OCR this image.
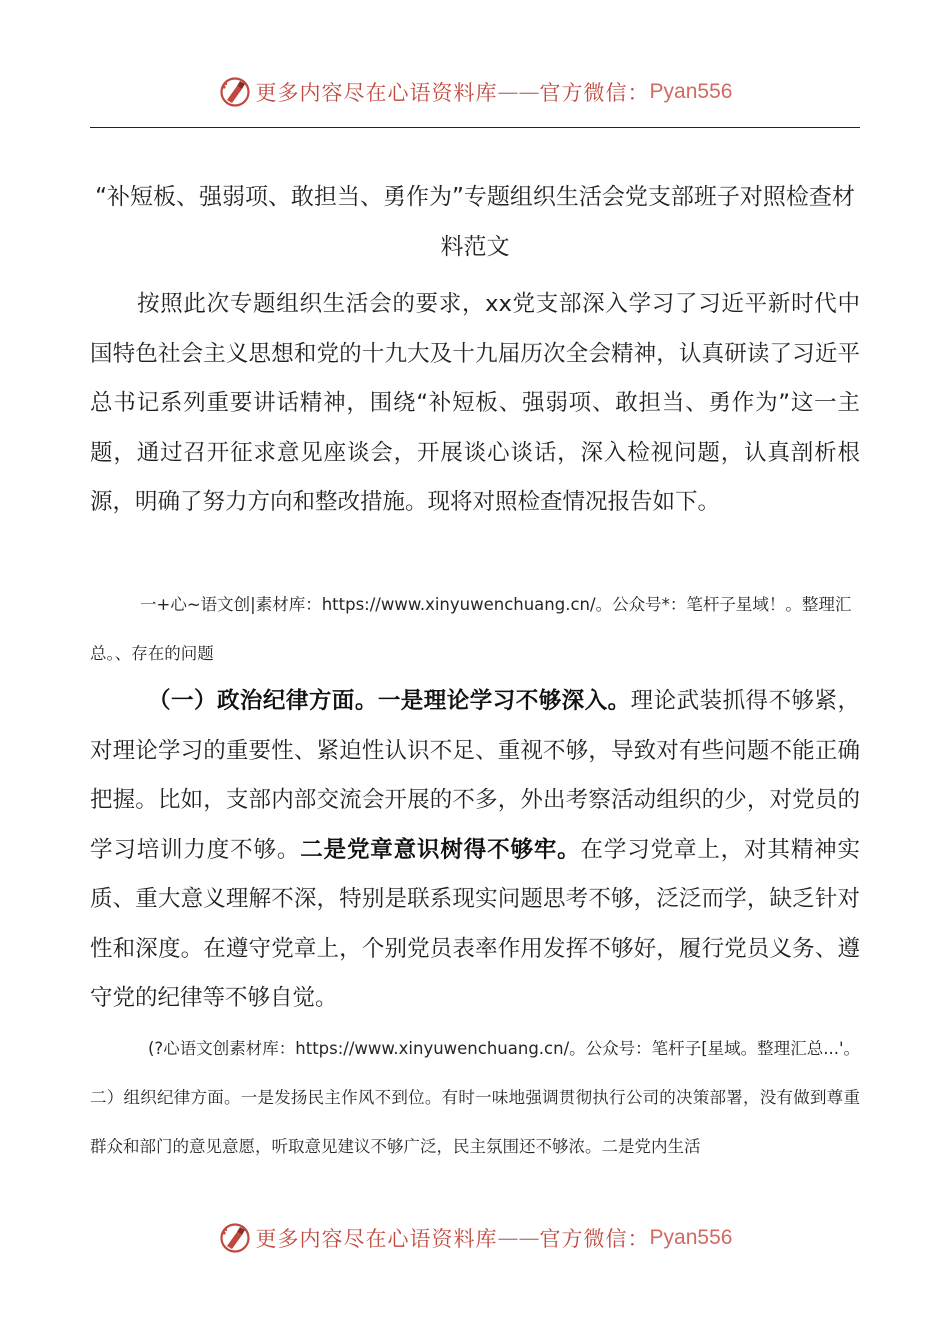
更多内容尽在心语资料库 —— 官方微信： Pyan556
“补短板、强弱项、敢担当、勇作为”专题组织生活会党支部班子对照检查材料范文
按照此次专题组织生活会的要求，xx党支部深入学习了习近平新时代中国特色社会主义思想和党的十九大及十九届历次全会精神，认真研读了习近平总书记系列重要讲话精神，围绕“补短板、强弱项、敢担当、勇作为”这一主题，通过召开征求意见座谈会，开展谈心谈话，深入检视问题，认真剖析根源，明确了努力方向和整改措施。现将对照检查情况报告如下。
一+心~语文创|素材库：https://www.xinyuwenchuang.cn/。公众号*：笔杆子星域！。整理汇总。、存在的问题
（一）政治纪律方面。一是理论学习不够深入。理论武装抓得不够紧，对理论学习的重要性、紧迫性认识不足、重视不够，导致对有些问题不能正确把握。比如，支部内部交流会开展的不多，外出考察活动组织的少，对党员的学习培训力度不够。二是党章意识树得不够牢。在学习党章上，对其精神实质、重大意义理解不深，特别是联系现实问题思考不够，泛泛而学，缺乏针对性和深度。在遵守党章上，个别党员表率作用发挥不够好，履行党员义务、遵守党的纪律等不够自觉。
(?心语文创素材库：https://www.xinyuwenchuang.cn/。公众号：笔杆子[星域。整理汇总...'。二）组织纪律方面。一是发扬民主作风不到位。有时一味地强调贯彻执行公司的决策部署，没有做到尊重群众和部门的意见意愿，听取意见建议不够广泛，民主氛围还不够浓。二是党内生活
更多内容尽在心语资料库 —— 官方微信： Pyan556
